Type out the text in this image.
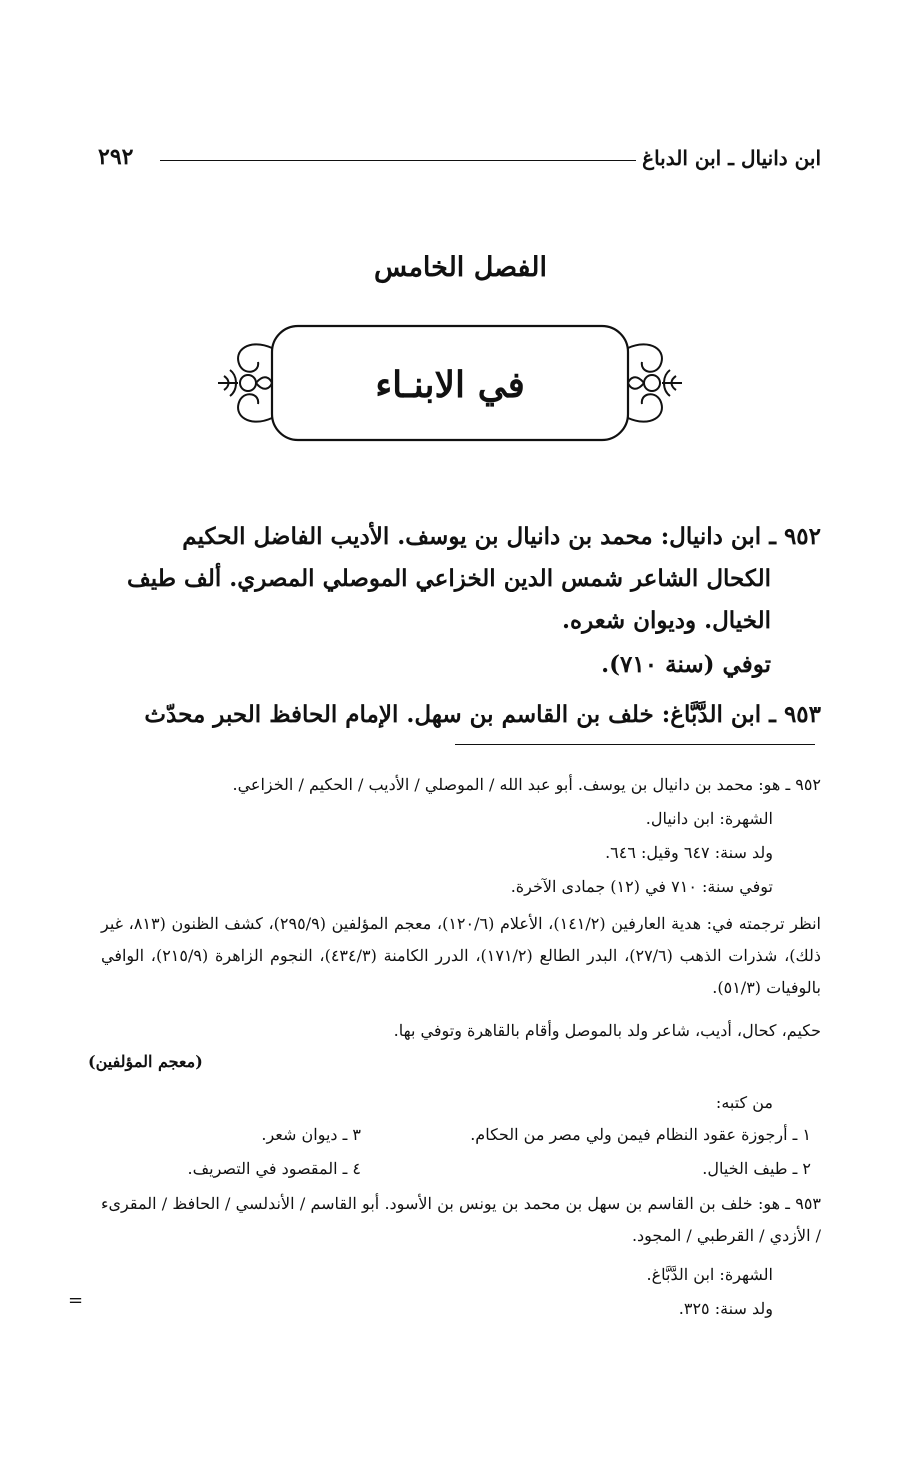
ابن دانيال ـ ابن الدباغ
٢٩٢
الفصل الخامس
في الابنـاء
٩٥٢ ـ ابن دانيال: محمد بن دانيال بن يوسف. الأديب الفاضل الحكيم
الكحال الشاعر شمس الدين الخزاعي الموصلي المصري. ألف طيف
الخيال. وديوان شعره.
توفي (سنة ٧١٠).
٩٥٣ ـ ابن الدَّبَّاغ: خلف بن القاسم بن سهل. الإمام الحافظ الحبر محدّث
٩٥٢ ـ هو: محمد بن دانيال بن يوسف. أبو عبد الله / الموصلي / الأديب / الحكيم / الخزاعي.
الشهرة: ابن دانيال.
ولد سنة: ٦٤٧ وقيل: ٦٤٦.
توفي سنة: ٧١٠ في (١٢) جمادى الآخرة.
انظر ترجمته في: هدية العارفين (١٤١/٢)، الأعلام (١٢٠/٦)، معجم المؤلفين (٢٩٥/٩)، كشف الظنون (٨١٣، غير ذلك)، شذرات الذهب (٢٧/٦)، البدر الطالع (١٧١/٢)، الدرر الكامنة (٤٣٤/٣)، النجوم الزاهرة (٢١٥/٩)، الوافي بالوفيات (٥١/٣).
حكيم، كحال، أديب، شاعر ولد بالموصل وأقام بالقاهرة وتوفي بها.
(معجم المؤلفين)
من كتبه:
١ ـ أرجوزة عقود النظام فيمن ولي مصر من الحكام.
٣ ـ ديوان شعر.
٢ ـ طيف الخيال.
٤ ـ المقصود في التصريف.
٩٥٣ ـ هو: خلف بن القاسم بن سهل بن محمد بن يونس بن الأسود. أبو القاسم / الأندلسي / الحافظ / المقرىء / الأزدي / القرطبي / المجود.
الشهرة: ابن الدَّبَّاغ.
ولد سنة: ٣٢٥.
=
